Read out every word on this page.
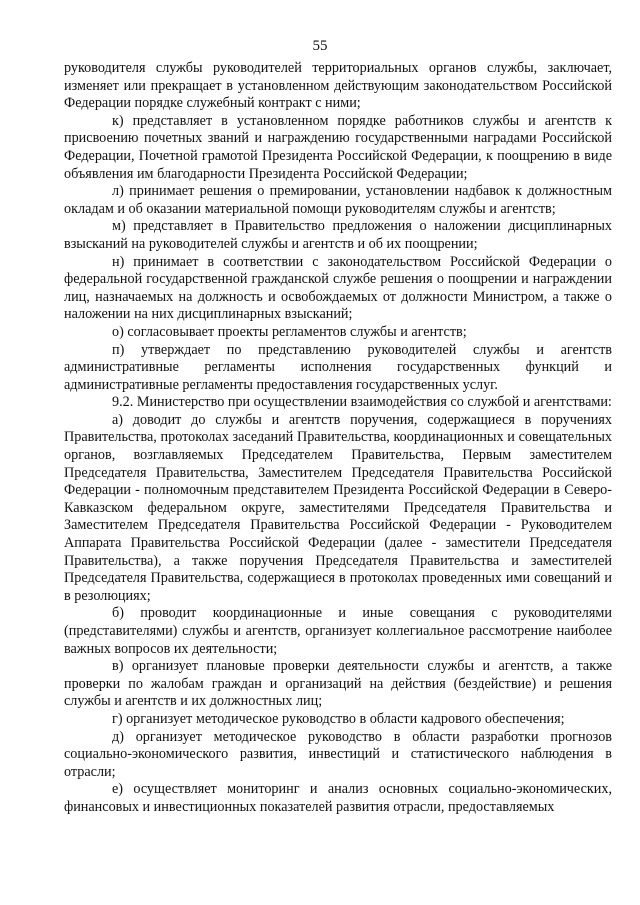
55

руководителя службы руководителей территориальных органов службы, заключает, изменяет или прекращает в установленном действующим законодательством Российской Федерации порядке служебный контракт с ними;

к) представляет в установленном порядке работников службы и агентств к присвоению почетных званий и награждению государственными наградами Российской Федерации, Почетной грамотой Президента Российской Федерации, к поощрению в виде объявления им благодарности Президента Российской Федерации;

л) принимает решения о премировании, установлении надбавок к должностным окладам и об оказании материальной помощи руководителям службы и агентств;

м) представляет в Правительство предложения о наложении дисциплинарных взысканий на руководителей службы и агентств и об их поощрении;

н) принимает в соответствии с законодательством Российской Федерации о федеральной государственной гражданской службе решения о поощрении и награждении лиц, назначаемых на должность и освобождаемых от должности Министром, а также о наложении на них дисциплинарных взысканий;

о) согласовывает проекты регламентов службы и агентств;

п) утверждает по представлению руководителей службы и агентств административные регламенты исполнения государственных функций и административные регламенты предоставления государственных услуг.

9.2. Министерство при осуществлении взаимодействия со службой и агентствами:

а) доводит до службы и агентств поручения, содержащиеся в поручениях Правительства, протоколах заседаний Правительства, координационных и совещательных органов, возглавляемых Председателем Правительства, Первым заместителем Председателя Правительства, Заместителем Председателя Правительства Российской Федерации - полномочным представителем Президента Российской Федерации в Северо-Кавказском федеральном округе, заместителями Председателя Правительства и Заместителем Председателя Правительства Российской Федерации - Руководителем Аппарата Правительства Российской Федерации (далее - заместители Председателя Правительства), а также поручения Председателя Правительства и заместителей Председателя Правительства, содержащиеся в протоколах проведенных ими совещаний и в резолюциях;

б) проводит координационные и иные совещания с руководителями (представителями) службы и агентств, организует коллегиальное рассмотрение наиболее важных вопросов их деятельности;

в) организует плановые проверки деятельности службы и агентств, а также проверки по жалобам граждан и организаций на действия (бездействие) и решения службы и агентств и их должностных лиц;

г) организует методическое руководство в области кадрового обеспечения;

д) организует методическое руководство в области разработки прогнозов социально-экономического развития, инвестиций и статистического наблюдения в отрасли;

е) осуществляет мониторинг и анализ основных социально-экономических, финансовых и инвестиционных показателей развития отрасли, предоставляемых
